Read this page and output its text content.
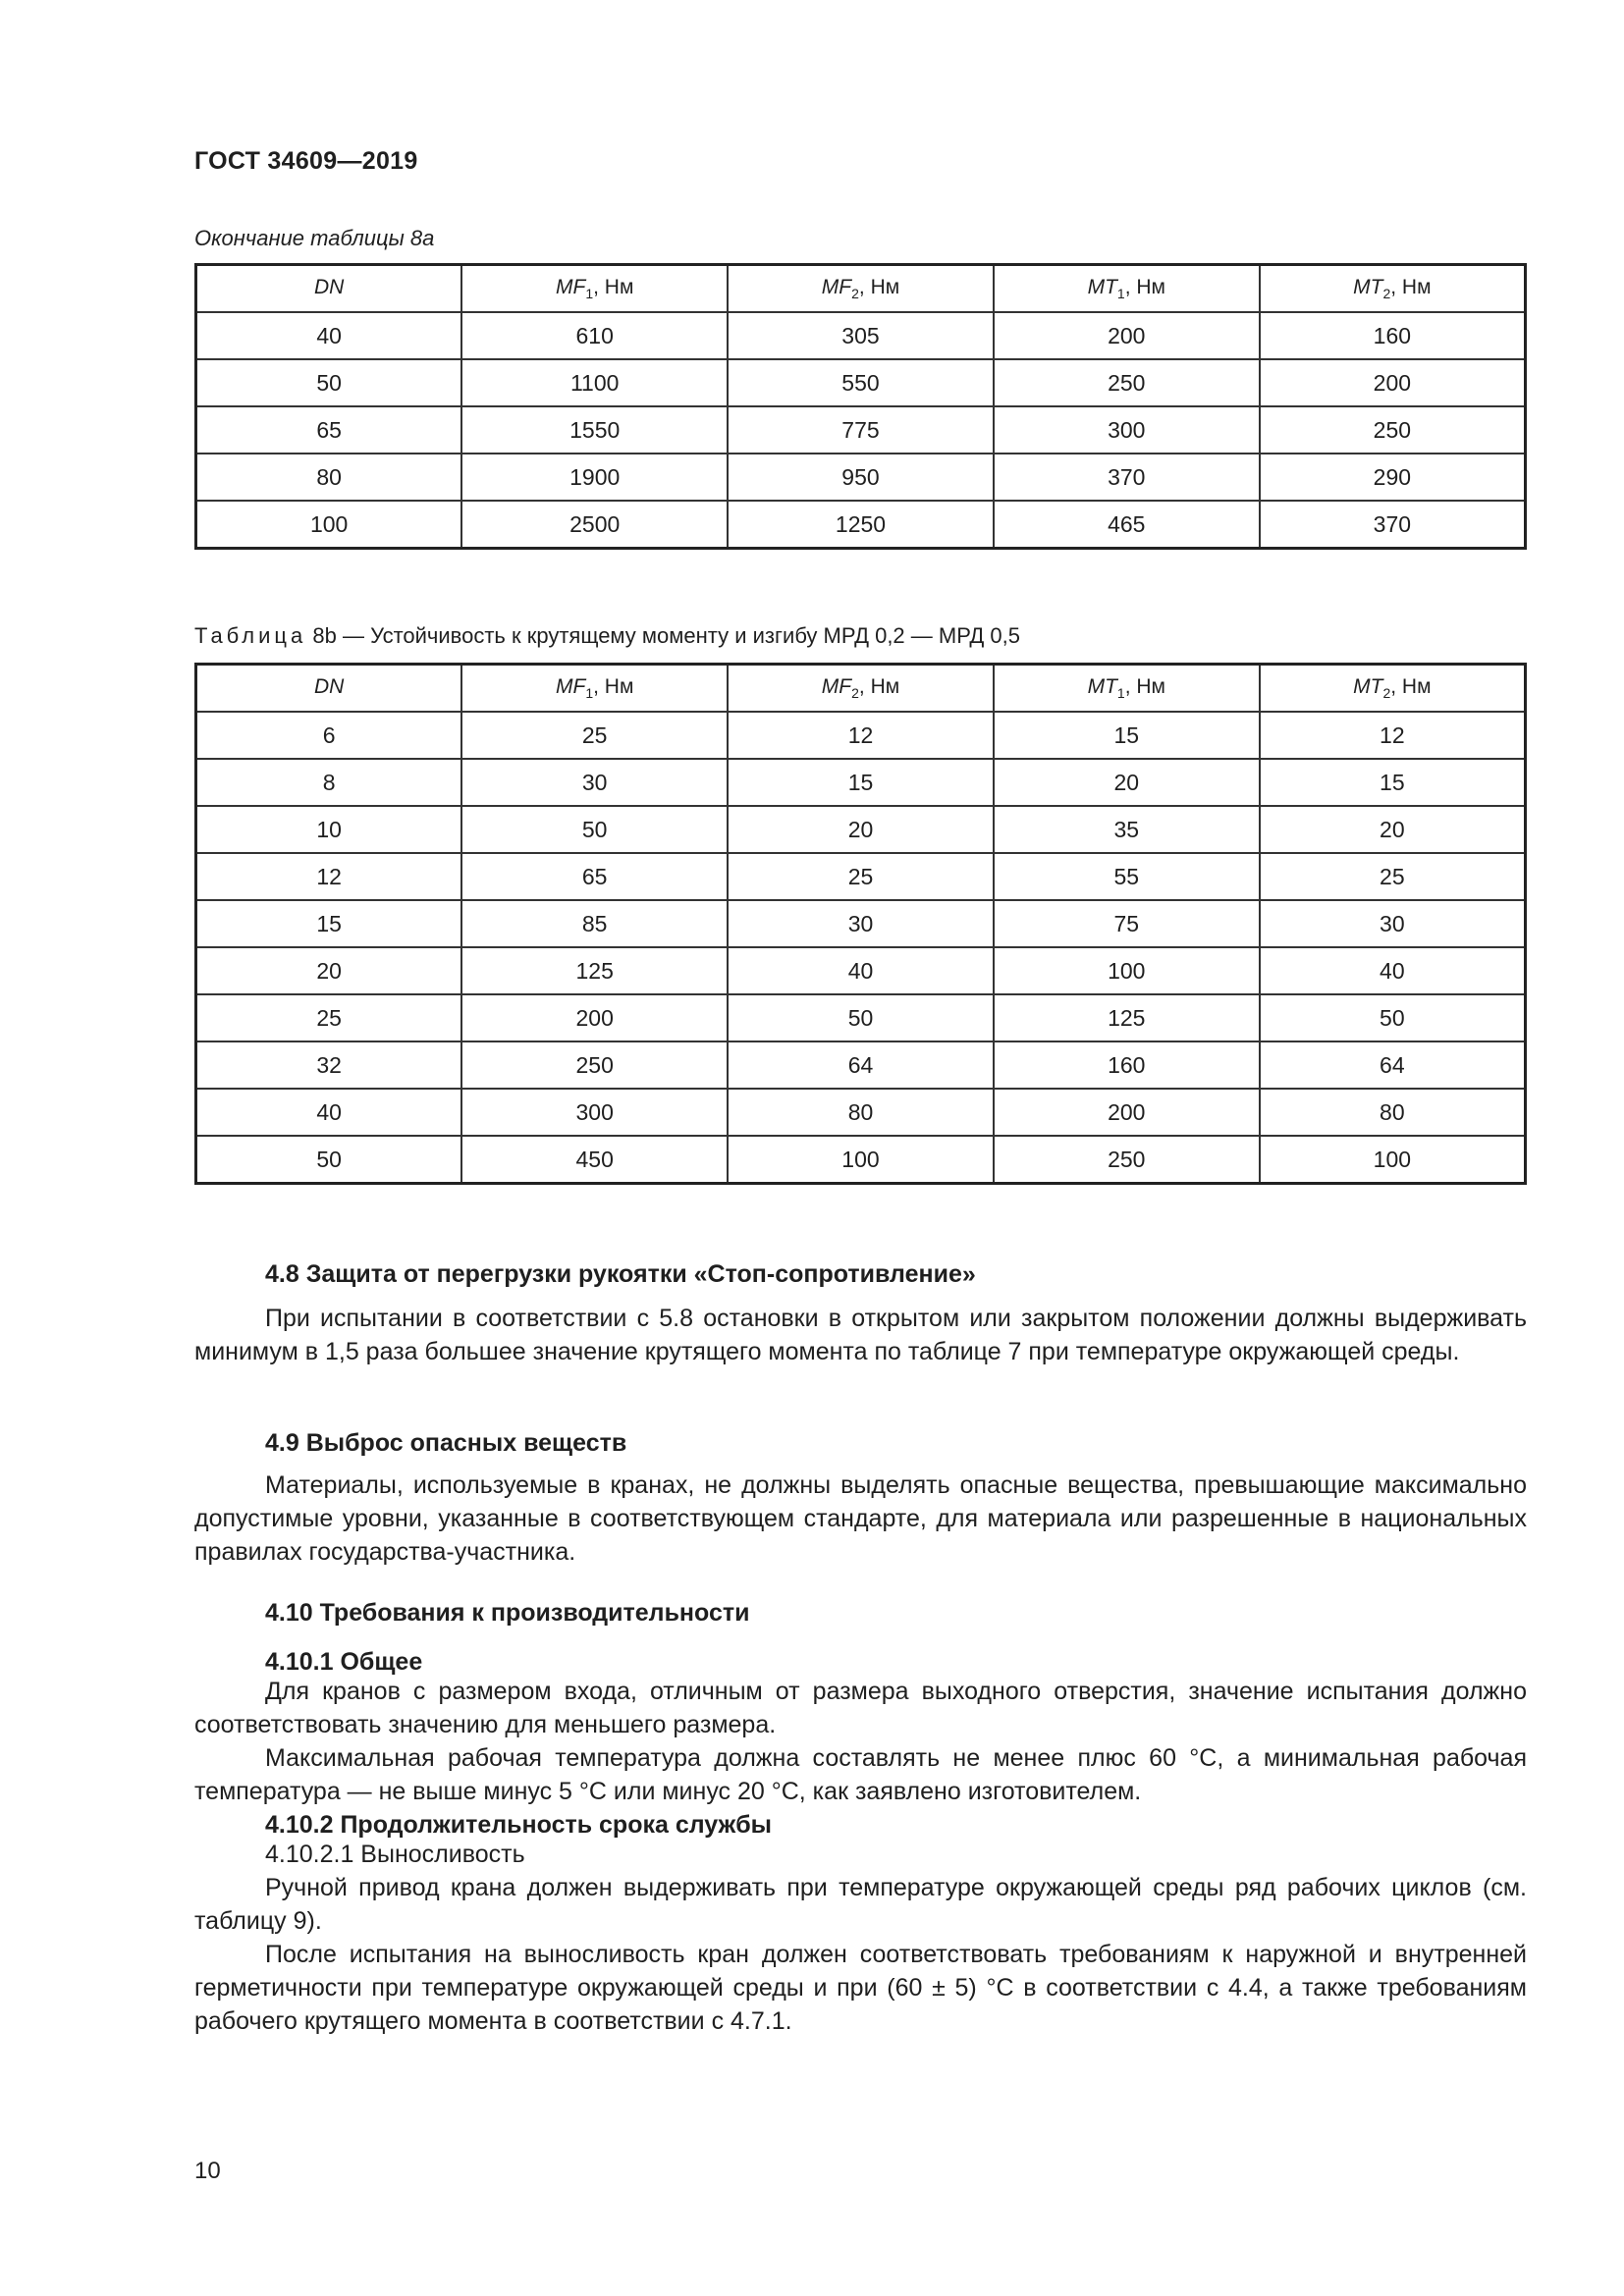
ГОСТ 34609—2019
Окончание таблицы 8а
DN	$MF_1$, Нм	$MF_2$, Нм	$MT_1$, Нм	$MT_2$, Нм
40	610	305	200	160
50	1100	550	250	200
65	1550	775	300	250
80	1900	950	370	290
100	2500	1250	465	370
Таблица 8b — Устойчивость к крутящему моменту и изгибу МРД 0,2 — МРД 0,5
DN	$MF_1$, Нм	$MF_2$, Нм	$MT_1$, Нм	$MT_2$, Нм
6	25	12	15	12
8	30	15	20	15
10	50	20	35	20
12	65	25	55	25
15	85	30	75	30
20	125	40	100	40
25	200	50	125	50
32	250	64	160	64
40	300	80	200	80
50	450	100	250	100
4.8 Защита от перегрузки рукоятки «Стоп-сопротивление»
При испытании в соответствии с 5.8 остановки в открытом или закрытом положении должны выдерживать минимум в 1,5 раза большее значение крутящего момента по таблице 7 при температуре окружающей среды.
4.9 Выброс опасных веществ
Материалы, используемые в кранах, не должны выделять опасные вещества, превышающие максимально допустимые уровни, указанные в соответствующем стандарте, для материала или разрешенные в национальных правилах государства-участника.
4.10 Требования к производительности
4.10.1 Общее
Для кранов с размером входа, отличным от размера выходного отверстия, значение испытания должно соответствовать значению для меньшего размера.
Максимальная рабочая температура должна составлять не менее плюс 60 °С, а минимальная рабочая температура — не выше минус 5 °С или минус 20 °С, как заявлено изготовителем.
4.10.2 Продолжительность срока службы
4.10.2.1 Выносливость
Ручной привод крана должен выдерживать при температуре окружающей среды ряд рабочих циклов (см. таблицу 9).
После испытания на выносливость кран должен соответствовать требованиям к наружной и внутренней герметичности при температуре окружающей среды и при (60 ± 5) °С в соответствии с 4.4, а также требованиям рабочего крутящего момента в соответствии с 4.7.1.
10
